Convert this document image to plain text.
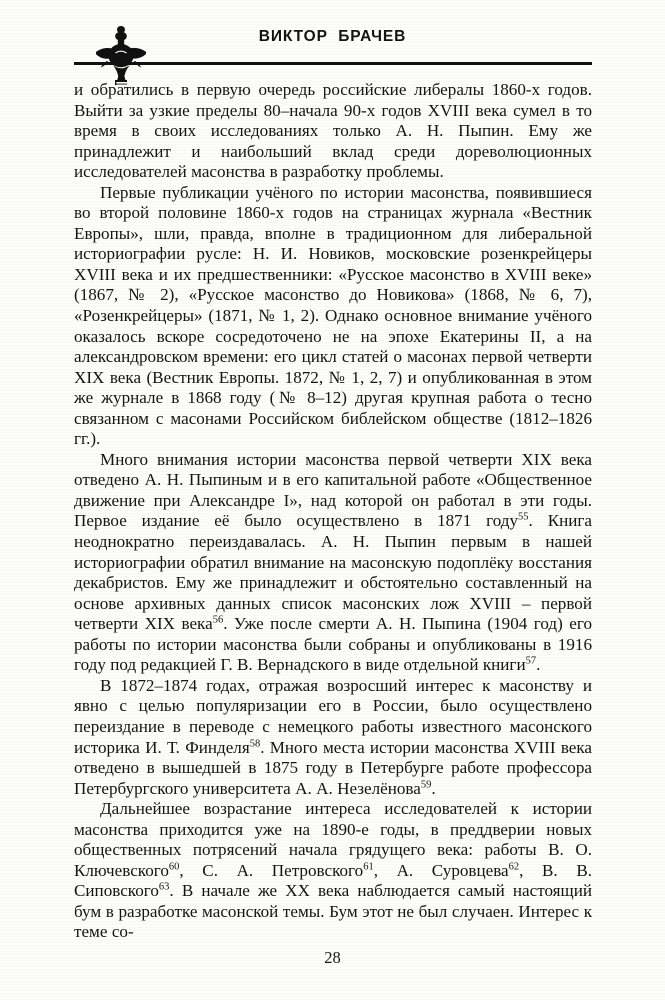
ВИКТОР  БРАЧЕВ

и обратились в первую очередь российские либералы 1860-х годов. Выйти за узкие пределы 80–начала 90-х годов XVIII века сумел в то время в своих исследованиях только А. Н. Пыпин. Ему же принадлежит и наибольший вклад среди дореволюционных исследователей масонства в разработку проблемы.

Первые публикации учёного по истории масонства, появившиеся во второй половине 1860-х годов на страницах журнала «Вестник Европы», шли, правда, вполне в традиционном для либеральной историографии русле: Н. И. Новиков, московские розенкрейцеры XVIII века и их предшественники: «Русское масонство в XVIII веке» (1867, № 2), «Русское масонство до Новикова» (1868, № 6, 7), «Розенкрейцеры» (1871, № 1, 2). Однако основное внимание учёного оказалось вскоре сосредоточено не на эпохе Екатерины II, а на александровском времени: его цикл статей о масонах первой четверти XIX века (Вестник Европы. 1872, № 1, 2, 7) и опубликованная в этом же журнале в 1868 году (№ 8–12) другая крупная работа о тесно связанном с масонами Российском библейском обществе (1812–1826 гг.).

Много внимания истории масонства первой четверти XIX века отведено А. Н. Пыпиным и в его капитальной работе «Общественное движение при Александре I», над которой он работал в эти годы. Первое издание её было осуществлено в 1871 году$^{55}$. Книга неоднократно переиздавалась. А. Н. Пыпин первым в нашей историографии обратил внимание на масонскую подоплёку восстания декабристов. Ему же принадлежит и обстоятельно составленный на основе архивных данных список масонских лож XVIII – первой четверти XIX века$^{56}$. Уже после смерти А. Н. Пыпина (1904 год) его работы по истории масонства были собраны и опубликованы в 1916 году под редакцией Г. В. Вернадского в виде отдельной книги$^{57}$.

В 1872–1874 годах, отражая возросший интерес к масонству и явно с целью популяризации его в России, было осуществлено переиздание в переводе с немецкого работы известного масонского историка И. Т. Финделя$^{58}$. Много места истории масонства XVIII века отведено в вышедшей в 1875 году в Петербурге работе профессора Петербургского университета А. А. Незелёнова$^{59}$.

Дальнейшее возрастание интереса исследователей к истории масонства приходится уже на 1890-е годы, в преддверии новых общественных потрясений начала грядущего века: работы В. О. Ключевского$^{60}$, С. А. Петровского$^{61}$, А. Суровцева$^{62}$, В. В. Сиповского$^{63}$. В начале же XX века наблюдается самый настоящий бум в разработке масонской темы. Бум этот не был случаен. Интерес к теме со-

28
